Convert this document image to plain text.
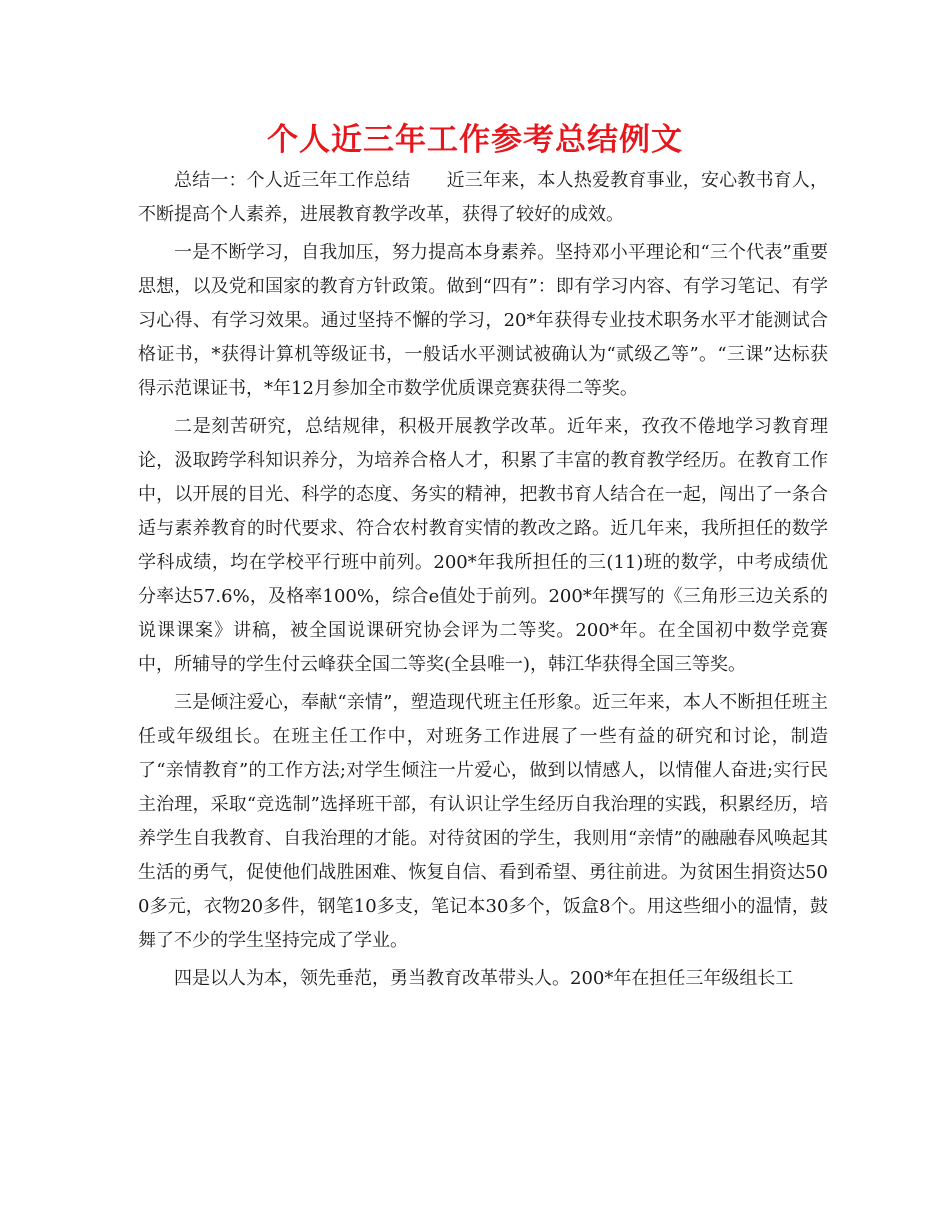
个人近三年工作参考总结例文

总结一：个人近三年工作总结　　近三年来，本人热爱教育事业，安心教书育人，不断提高个人素养，进展教育教学改革，获得了较好的成效。

一是不断学习，自我加压，努力提高本身素养。坚持邓小平理论和“三个代表”重要思想，以及党和国家的教育方针政策。做到“四有”：即有学习内容、有学习笔记、有学习心得、有学习效果。通过坚持不懈的学习，20*年获得专业技术职务水平才能测试合格证书，*获得计算机等级证书，一般话水平测试被确认为“贰级乙等”。“三课”达标获得示范课证书，*年12月参加全市数学优质课竞赛获得二等奖。

二是刻苦研究，总结规律，积极开展教学改革。近年来，孜孜不倦地学习教育理论，汲取跨学科知识养分，为培养合格人才，积累了丰富的教育教学经历。在教育工作中，以开展的目光、科学的态度、务实的精神，把教书育人结合在一起，闯出了一条合适与素养教育的时代要求、符合农村教育实情的教改之路。近几年来，我所担任的数学学科成绩，均在学校平行班中前列。200*年我所担任的三(11)班的数学，中考成绩优分率达57.6%，及格率100%，综合e值处于前列。200*年撰写的《三角形三边关系的说课课案》讲稿，被全国说课研究协会评为二等奖。200*年。在全国初中数学竞赛中，所辅导的学生付云峰获全国二等奖(全县唯一)，韩江华获得全国三等奖。

三是倾注爱心，奉献“亲情”，塑造现代班主任形象。近三年来，本人不断担任班主任或年级组长。在班主任工作中，对班务工作进展了一些有益的研究和讨论，制造了“亲情教育”的工作方法;对学生倾注一片爱心，做到以情感人，以情催人奋进;实行民主治理，采取“竞选制”选择班干部，有认识让学生经历自我治理的实践，积累经历，培养学生自我教育、自我治理的才能。对待贫困的学生，我则用“亲情”的融融春风唤起其生活的勇气，促使他们战胜困难、恢复自信、看到希望、勇往前进。为贫困生捐资达500多元，衣物20多件，钢笔10多支，笔记本30多个，饭盒8个。用这些细小的温情，鼓舞了不少的学生坚持完成了学业。

四是以人为本，领先垂范，勇当教育改革带头人。200*年在担任三年级组长工
